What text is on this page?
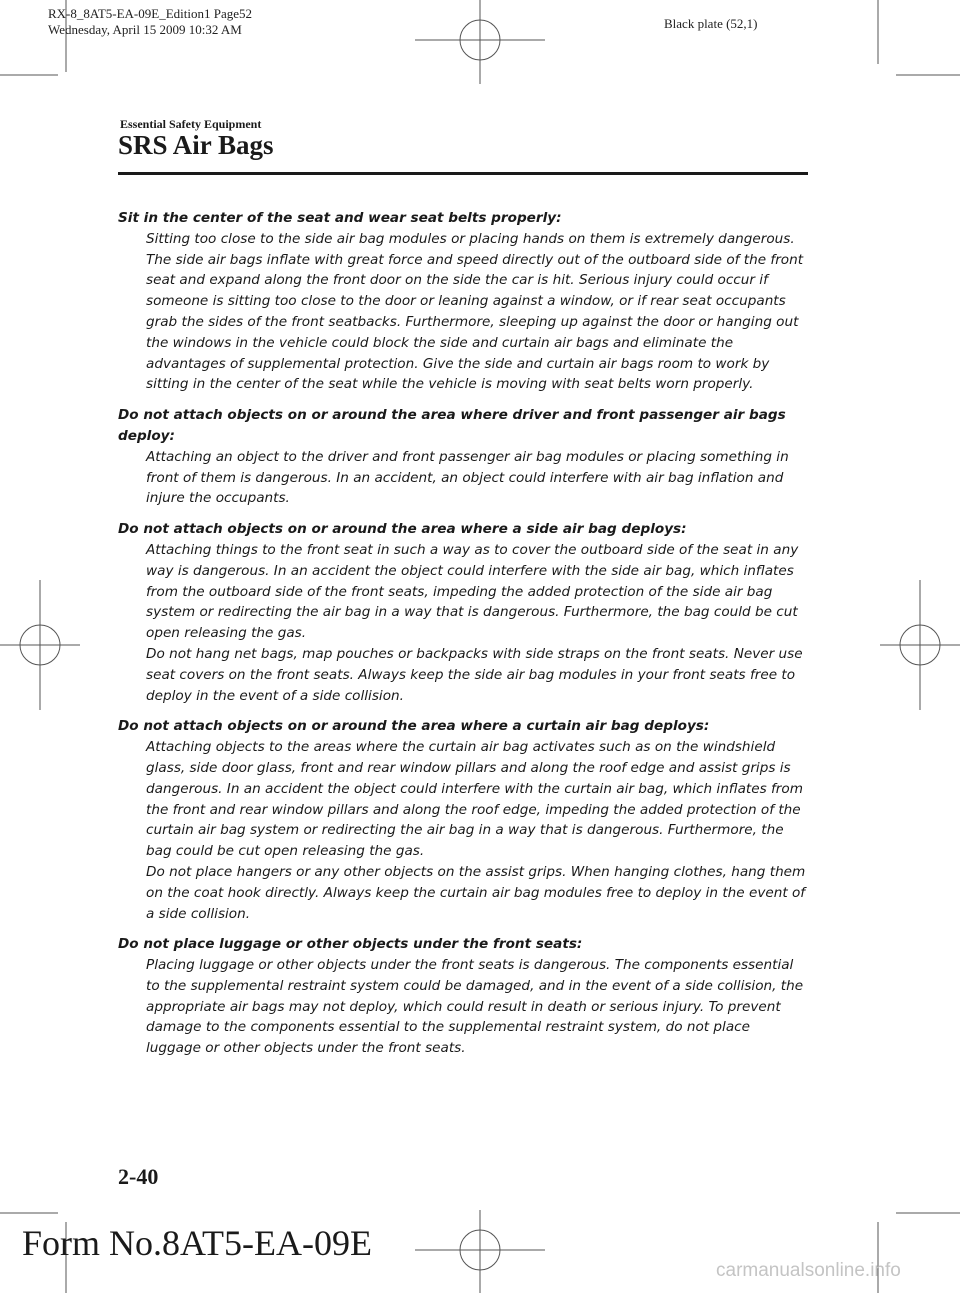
RX-8_8AT5-EA-09E_Edition1 Page52
Wednesday, April 15 2009 10:32 AM	Black plate (52,1)
Essential Safety Equipment
SRS Air Bags

Sit in the center of the seat and wear seat belts properly:

Sitting too close to the side air bag modules or placing hands on them is extremely dangerous. The side air bags inflate with great force and speed directly out of the outboard side of the front seat and expand along the front door on the side the car is hit. Serious injury could occur if someone is sitting too close to the door or leaning against a window, or if rear seat occupants grab the sides of the front seatbacks. Furthermore, sleeping up against the door or hanging out the windows in the vehicle could block the side and curtain air bags and eliminate the advantages of supplemental protection. Give the side and curtain air bags room to work by sitting in the center of the seat while the vehicle is moving with seat belts worn properly.

Do not attach objects on or around the area where driver and front passenger air bags deploy:

Attaching an object to the driver and front passenger air bag modules or placing something in front of them is dangerous. In an accident, an object could interfere with air bag inflation and injure the occupants.

Do not attach objects on or around the area where a side air bag deploys:

Attaching things to the front seat in such a way as to cover the outboard side of the seat in any way is dangerous. In an accident the object could interfere with the side air bag, which inflates from the outboard side of the front seats, impeding the added protection of the side air bag system or redirecting the air bag in a way that is dangerous. Furthermore, the bag could be cut open releasing the gas.

Do not hang net bags, map pouches or backpacks with side straps on the front seats. Never use seat covers on the front seats. Always keep the side air bag modules in your front seats free to deploy in the event of a side collision.

Do not attach objects on or around the area where a curtain air bag deploys:

Attaching objects to the areas where the curtain air bag activates such as on the windshield glass, side door glass, front and rear window pillars and along the roof edge and assist grips is dangerous. In an accident the object could interfere with the curtain air bag, which inflates from the front and rear window pillars and along the roof edge, impeding the added protection of the curtain air bag system or redirecting the air bag in a way that is dangerous. Furthermore, the bag could be cut open releasing the gas.

Do not place hangers or any other objects on the assist grips. When hanging clothes, hang them on the coat hook directly. Always keep the curtain air bag modules free to deploy in the event of a side collision.

Do not place luggage or other objects under the front seats:

Placing luggage or other objects under the front seats is dangerous. The components essential to the supplemental restraint system could be damaged, and in the event of a side collision, the appropriate air bags may not deploy, which could result in death or serious injury. To prevent damage to the components essential to the supplemental restraint system, do not place luggage or other objects under the front seats.

2-40
Form No.8AT5-EA-09E
carmanualsonline.info
